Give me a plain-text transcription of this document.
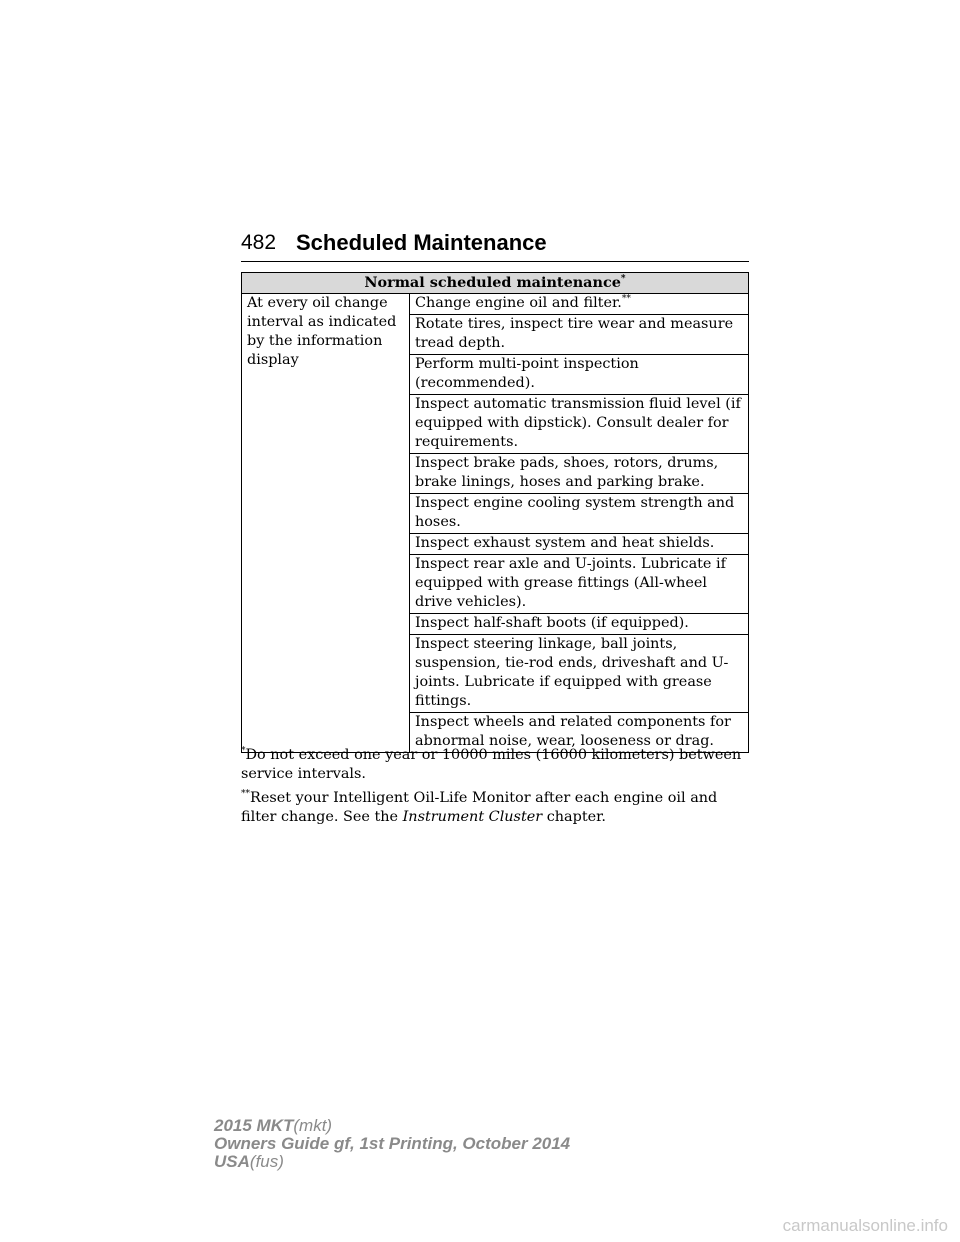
482 Scheduled Maintenance
Normal scheduled maintenance*
At every oil change interval as indicated by the information display	Change engine oil and filter.**
Rotate tires, inspect tire wear and measure tread depth.
Perform multi-point inspection (recommended).
Inspect automatic transmission fluid level (if equipped with dipstick). Consult dealer for requirements.
Inspect brake pads, shoes, rotors, drums, brake linings, hoses and parking brake.
Inspect engine cooling system strength and hoses.
Inspect exhaust system and heat shields.
Inspect rear axle and U-joints. Lubricate if equipped with grease fittings (All-wheel drive vehicles).
Inspect half-shaft boots (if equipped).
Inspect steering linkage, ball joints, suspension, tie-rod ends, driveshaft and U-joints. Lubricate if equipped with grease fittings.
Inspect wheels and related components for abnormal noise, wear, looseness or drag.

*Do not exceed one year or 10000 miles (16000 kilometers) between service intervals.

**Reset your Intelligent Oil-Life Monitor after each engine oil and filter change. See the Instrument Cluster chapter.

2015 MKT(mkt)
Owners Guide gf, 1st Printing, October 2014
USA(fus)
carmanualsonline.info
